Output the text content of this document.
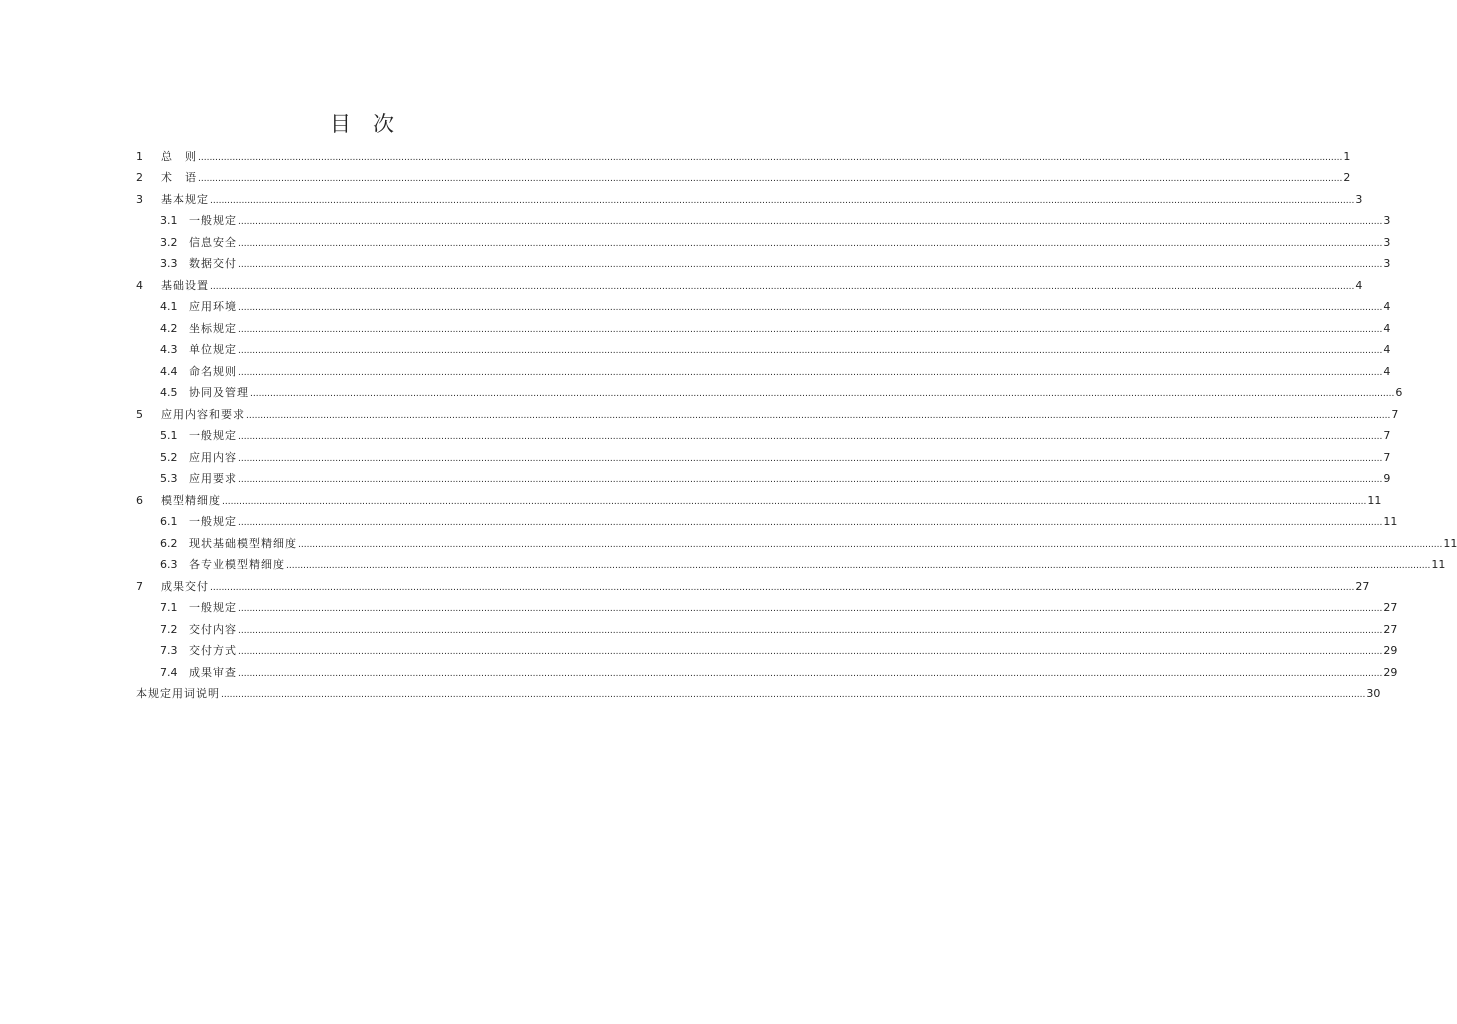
目 次
1	总　则 ................................................................................................................................................................................................................................................................................................................................................................................................................ 1
2	术　语 ................................................................................................................................................................................................................................................................................................................................................................................................................ 2
3	基本规定 ................................................................................................................................................................................................................................................................................................................................................................................................................ 3
3.1	一般规定 ................................................................................................................................................................................................................................................................................................................................................................................................................ 3
3.2	信息安全 ................................................................................................................................................................................................................................................................................................................................................................................................................ 3
3.3	数据交付 ................................................................................................................................................................................................................................................................................................................................................................................................................ 3
4	基础设置 ................................................................................................................................................................................................................................................................................................................................................................................................................ 4
4.1	应用环境 ................................................................................................................................................................................................................................................................................................................................................................................................................ 4
4.2	坐标规定 ................................................................................................................................................................................................................................................................................................................................................................................................................ 4
4.3	单位规定 ................................................................................................................................................................................................................................................................................................................................................................................................................ 4
4.4	命名规则 ................................................................................................................................................................................................................................................................................................................................................................................................................ 4
4.5	协同及管理 ................................................................................................................................................................................................................................................................................................................................................................................................................ 6
5	应用内容和要求 ................................................................................................................................................................................................................................................................................................................................................................................................................ 7
5.1	一般规定 ................................................................................................................................................................................................................................................................................................................................................................................................................ 7
5.2	应用内容 ................................................................................................................................................................................................................................................................................................................................................................................................................ 7
5.3	应用要求 ................................................................................................................................................................................................................................................................................................................................................................................................................ 9
6	模型精细度 ................................................................................................................................................................................................................................................................................................................................................................................................................ 11
6.1	一般规定 ................................................................................................................................................................................................................................................................................................................................................................................................................ 11
6.2	现状基础模型精细度 ................................................................................................................................................................................................................................................................................................................................................................................................................ 11
6.3	各专业模型精细度 ................................................................................................................................................................................................................................................................................................................................................................................................................ 11
7	成果交付 ................................................................................................................................................................................................................................................................................................................................................................................................................ 27
7.1	一般规定 ................................................................................................................................................................................................................................................................................................................................................................................................................ 27
7.2	交付内容 ................................................................................................................................................................................................................................................................................................................................................................................................................ 27
7.3	交付方式 ................................................................................................................................................................................................................................................................................................................................................................................................................ 29
7.4	成果审查 ................................................................................................................................................................................................................................................................................................................................................................................................................ 29
本规定用词说明 ................................................................................................................................................................................................................................................................................................................................................................................................................ 30
